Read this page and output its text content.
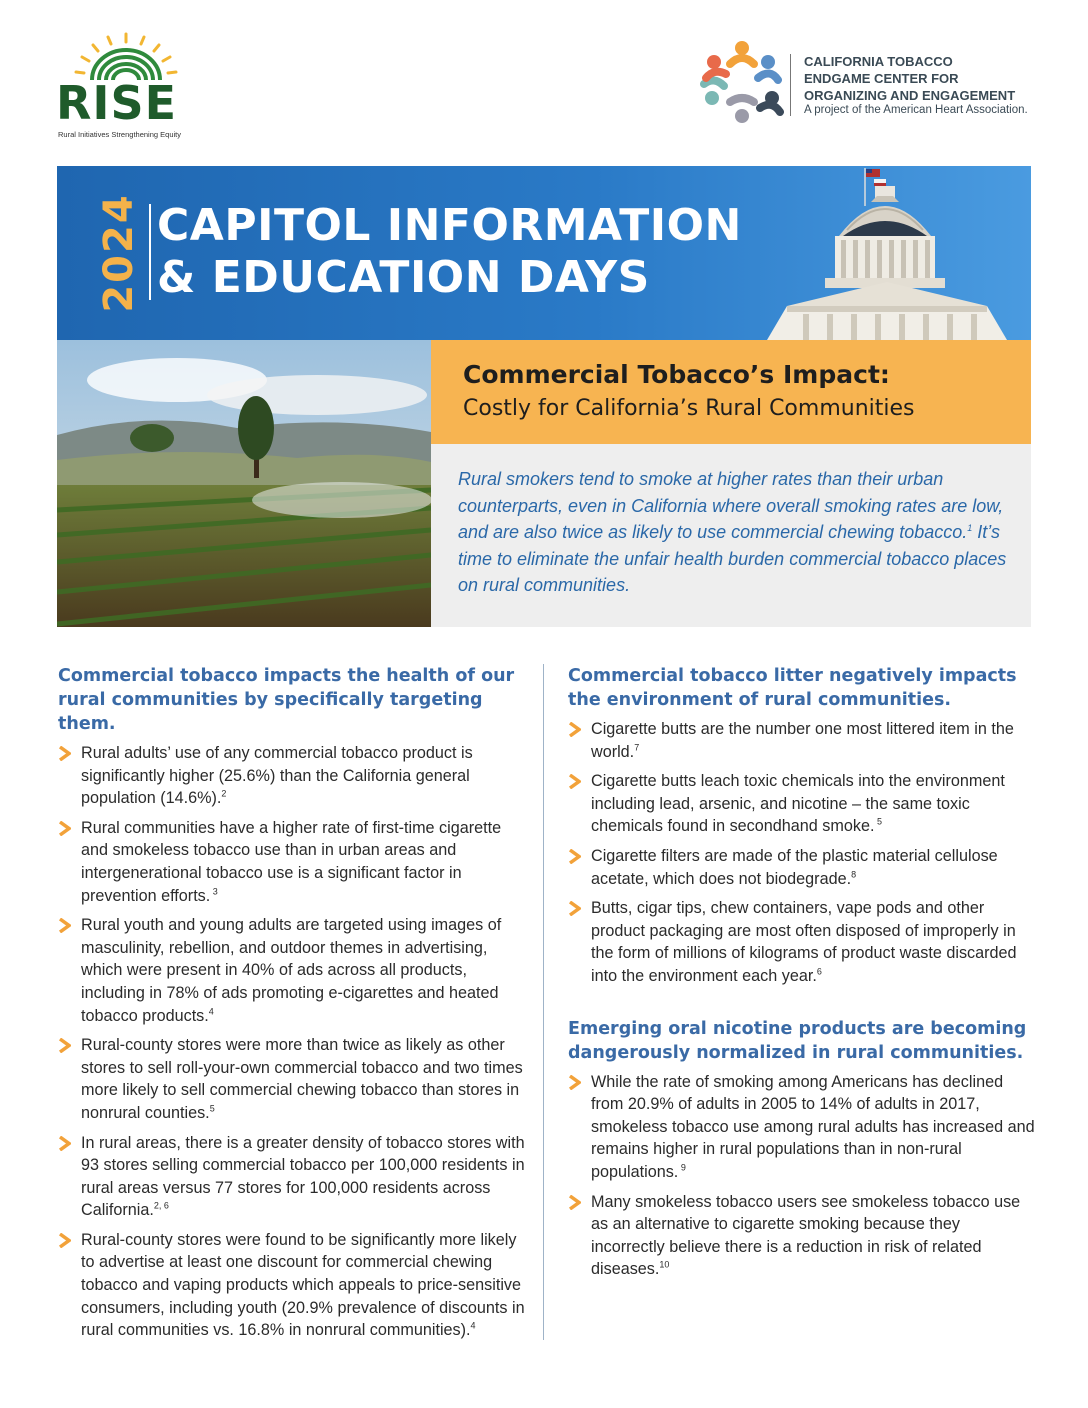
RISE
Rural Initiatives Strengthening Equity
CALIFORNIA TOBACCO
ENDGAME CENTER FOR
ORGANIZING AND ENGAGEMENT
A project of the American Heart Association.
2024 CAPITOL INFORMATION
& EDUCATION DAYS
Commercial Tobacco’s Impact:
Costly for California’s Rural Communities
Rural smokers tend to smoke at higher rates than their urban counterparts, even in California where overall smoking rates are low, and are also twice as likely to use commercial chewing tobacco.$^1$ It’s time to eliminate the unfair health burden commercial tobacco places on rural communities.
Commercial tobacco impacts the health of our rural communities by specifically targeting them.
Rural adults’ use of any commercial tobacco product is significantly higher (25.6%) than the California general population (14.6%).$^2$
Rural communities have a higher rate of first-time cigarette and smokeless tobacco use than in urban areas and intergenerational tobacco use is a significant factor in prevention efforts. $^3$
Rural youth and young adults are targeted using images of masculinity, rebellion, and outdoor themes in advertising, which were present in 40% of ads across all products, including in 78% of ads promoting e-cigarettes and heated tobacco products.$^4$
Rural-county stores were more than twice as likely as other stores to sell roll-your-own commercial tobacco and two times more likely to sell commercial chewing tobacco than stores in nonrural counties.$^5$
In rural areas, there is a greater density of tobacco stores with 93 stores selling commercial tobacco per 100,000 residents in rural areas versus 77 stores for 100,000 residents across California.$^{2, 6}$
Rural-county stores were found to be significantly more likely to advertise at least one discount for commercial chewing tobacco and vaping products which appeals to price-sensitive consumers, including youth (20.9% prevalence of discounts in rural communities vs. 16.8% in nonrural communities).$^4$
Commercial tobacco litter negatively impacts the environment of rural communities.
Cigarette butts are the number one most littered item in the world.$^7$
Cigarette butts leach toxic chemicals into the environment including lead, arsenic, and nicotine – the same toxic chemicals found in secondhand smoke. $^5$
Cigarette filters are made of the plastic material cellulose acetate, which does not biodegrade.$^8$
Butts, cigar tips, chew containers, vape pods and other product packaging are most often disposed of improperly in the form of millions of kilograms of product waste discarded into the environment each year.$^6$
Emerging oral nicotine products are becoming dangerously normalized in rural communities.
While the rate of smoking among Americans has declined from 20.9% of adults in 2005 to 14% of adults in 2017, smokeless tobacco use among rural adults has increased and remains higher in rural populations than in non-rural populations. $^9$
Many smokeless tobacco users see smokeless tobacco use as an alternative to cigarette smoking because they incorrectly believe there is a reduction in risk of related diseases.$^{10}$
